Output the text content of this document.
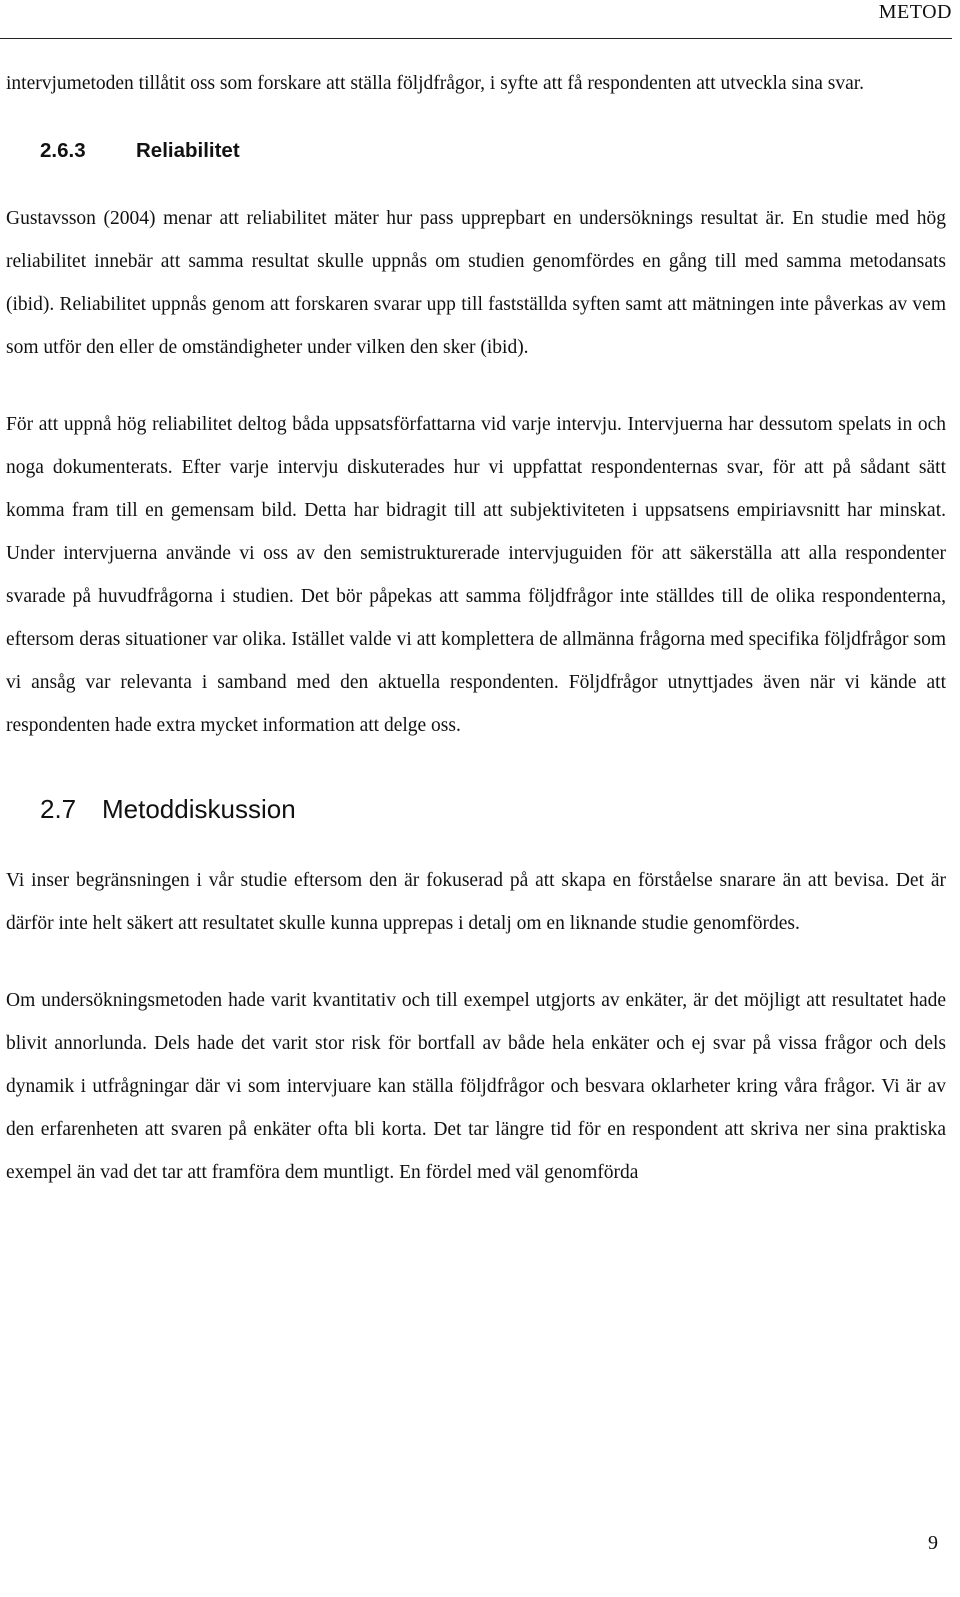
METOD

intervjumetoden tillåtit oss som forskare att ställa följdfrågor, i syfte att få respondenten att utveckla sina svar.

2.6.3 Reliabilitet

Gustavsson (2004) menar att reliabilitet mäter hur pass upprepbart en undersöknings resultat är. En studie med hög reliabilitet innebär att samma resultat skulle uppnås om studien genomfördes en gång till med samma metodansats (ibid). Reliabilitet uppnås genom att forskaren svarar upp till fastställda syften samt att mätningen inte påverkas av vem som utför den eller de omständigheter under vilken den sker (ibid).

För att uppnå hög reliabilitet deltog båda uppsatsförfattarna vid varje intervju. Intervjuerna har dessutom spelats in och noga dokumenterats. Efter varje intervju diskuterades hur vi uppfattat respondenternas svar, för att på sådant sätt komma fram till en gemensam bild. Detta har bidragit till att subjektiviteten i uppsatsens empiriavsnitt har minskat. Under intervjuerna använde vi oss av den semistrukturerade intervjuguiden för att säkerställa att alla respondenter svarade på huvudfrågorna i studien. Det bör påpekas att samma följdfrågor inte ställdes till de olika respondenterna, eftersom deras situationer var olika. Istället valde vi att komplettera de allmänna frågorna med specifika följdfrågor som vi ansåg var relevanta i samband med den aktuella respondenten. Följdfrågor utnyttjades även när vi kände att respondenten hade extra mycket information att delge oss.

2.7 Metoddiskussion

Vi inser begränsningen i vår studie eftersom den är fokuserad på att skapa en förståelse snarare än att bevisa. Det är därför inte helt säkert att resultatet skulle kunna upprepas i detalj om en liknande studie genomfördes.

Om undersökningsmetoden hade varit kvantitativ och till exempel utgjorts av enkäter, är det möjligt att resultatet hade blivit annorlunda. Dels hade det varit stor risk för bortfall av både hela enkäter och ej svar på vissa frågor och dels dynamik i utfrågningar där vi som intervjuare kan ställa följdfrågor och besvara oklarheter kring våra frågor. Vi är av den erfarenheten att svaren på enkäter ofta bli korta. Det tar längre tid för en respondent att skriva ner sina praktiska exempel än vad det tar att framföra dem muntligt. En fördel med väl genomförda

9
